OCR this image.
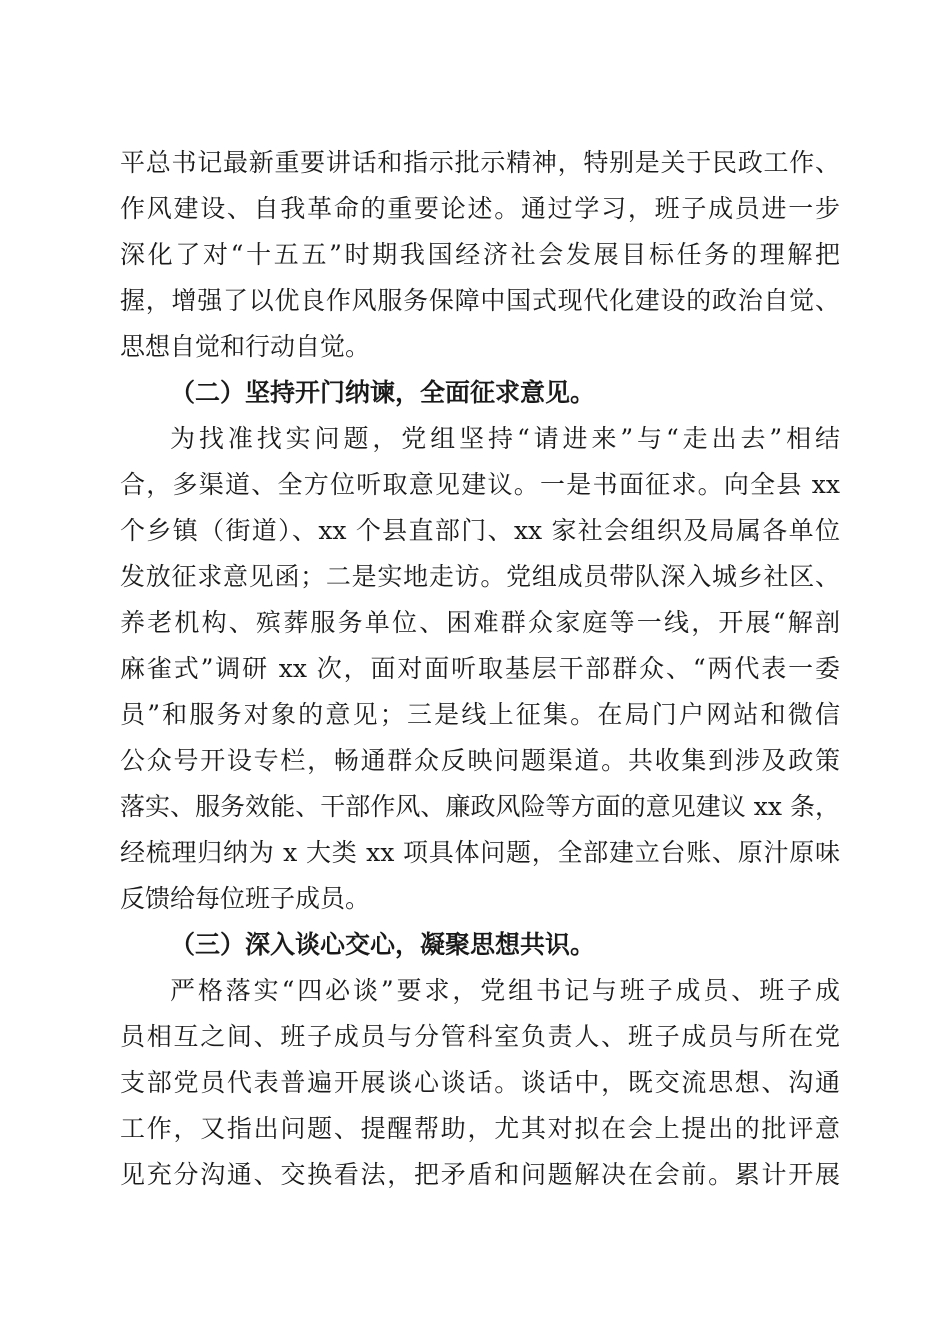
平总书记最新重要讲话和指示批示精神，特别是关于民政工作、
作风建设、自我革命的重要论述。通过学习，班子成员进一步
深化了对“十五五”时期我国经济社会发展目标任务的理解把
握，增强了以优良作风服务保障中国式现代化建设的政治自觉、
思想自觉和行动自觉。
（二）坚持开门纳谏，全面征求意见。
为找准找实问题，党组坚持“请进来”与“走出去”相结
合，多渠道、全方位听取意见建议。一是书面征求。向全县 xx
个乡镇（街道）、xx 个县直部门、xx 家社会组织及局属各单位
发放征求意见函；二是实地走访。党组成员带队深入城乡社区、
养老机构、殡葬服务单位、困难群众家庭等一线，开展“解剖
麻雀式”调研 xx 次，面对面听取基层干部群众、“两代表一委
员”和服务对象的意见；三是线上征集。在局门户网站和微信
公众号开设专栏，畅通群众反映问题渠道。共收集到涉及政策
落实、服务效能、干部作风、廉政风险等方面的意见建议 xx 条，
经梳理归纳为 x 大类 xx 项具体问题，全部建立台账、原汁原味
反馈给每位班子成员。
（三）深入谈心交心，凝聚思想共识。
严格落实“四必谈”要求，党组书记与班子成员、班子成
员相互之间、班子成员与分管科室负责人、班子成员与所在党
支部党员代表普遍开展谈心谈话。谈话中，既交流思想、沟通
工作，又指出问题、提醒帮助，尤其对拟在会上提出的批评意
见充分沟通、交换看法，把矛盾和问题解决在会前。累计开展
